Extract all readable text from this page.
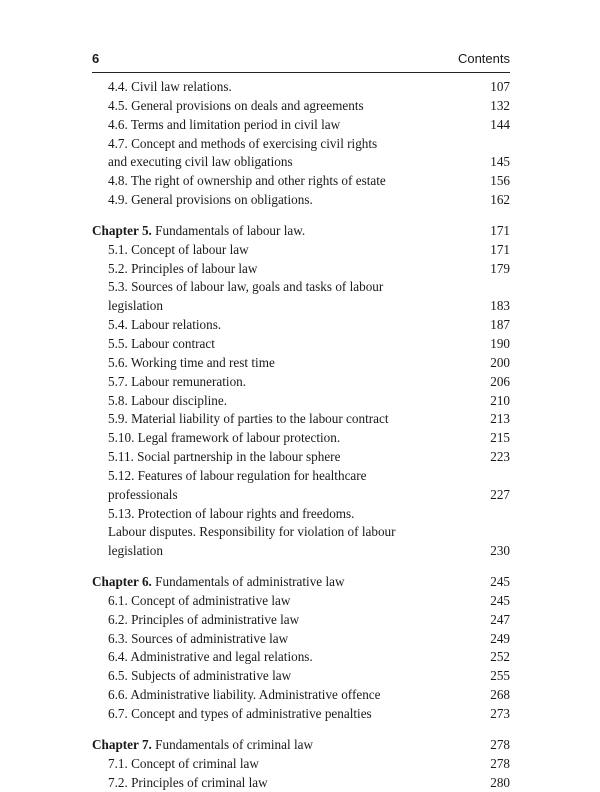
6	Contents
4.4. Civil law relations.	107
4.5. General provisions on deals and agreements	132
4.6. Terms and limitation period in civil law	144
4.7. Concept and methods of exercising civil rights
and executing civil law obligations	145
4.8. The right of ownership and other rights of estate	156
4.9. General provisions on obligations.	162
Chapter 5. Fundamentals of labour law.	171
5.1. Concept of labour law	171
5.2. Principles of labour law	179
5.3. Sources of labour law, goals and tasks of labour
legislation	183
5.4. Labour relations.	187
5.5. Labour contract	190
5.6. Working time and rest time	200
5.7. Labour remuneration.	206
5.8. Labour discipline.	210
5.9. Material liability of parties to the labour contract	213
5.10. Legal framework of labour protection.	215
5.11. Social partnership in the labour sphere	223
5.12. Features of labour regulation for healthcare
professionals	227
5.13. Protection of labour rights and freedoms.
Labour disputes. Responsibility for violation of labour
legislation	230
Chapter 6. Fundamentals of administrative law	245
6.1. Concept of administrative law	245
6.2. Principles of administrative law	247
6.3. Sources of administrative law	249
6.4. Administrative and legal relations.	252
6.5. Subjects of administrative law	255
6.6. Administrative liability. Administrative offence	268
6.7. Concept and types of administrative penalties	273
Chapter 7. Fundamentals of criminal law	278
7.1. Concept of criminal law	278
7.2. Principles of criminal law	280
